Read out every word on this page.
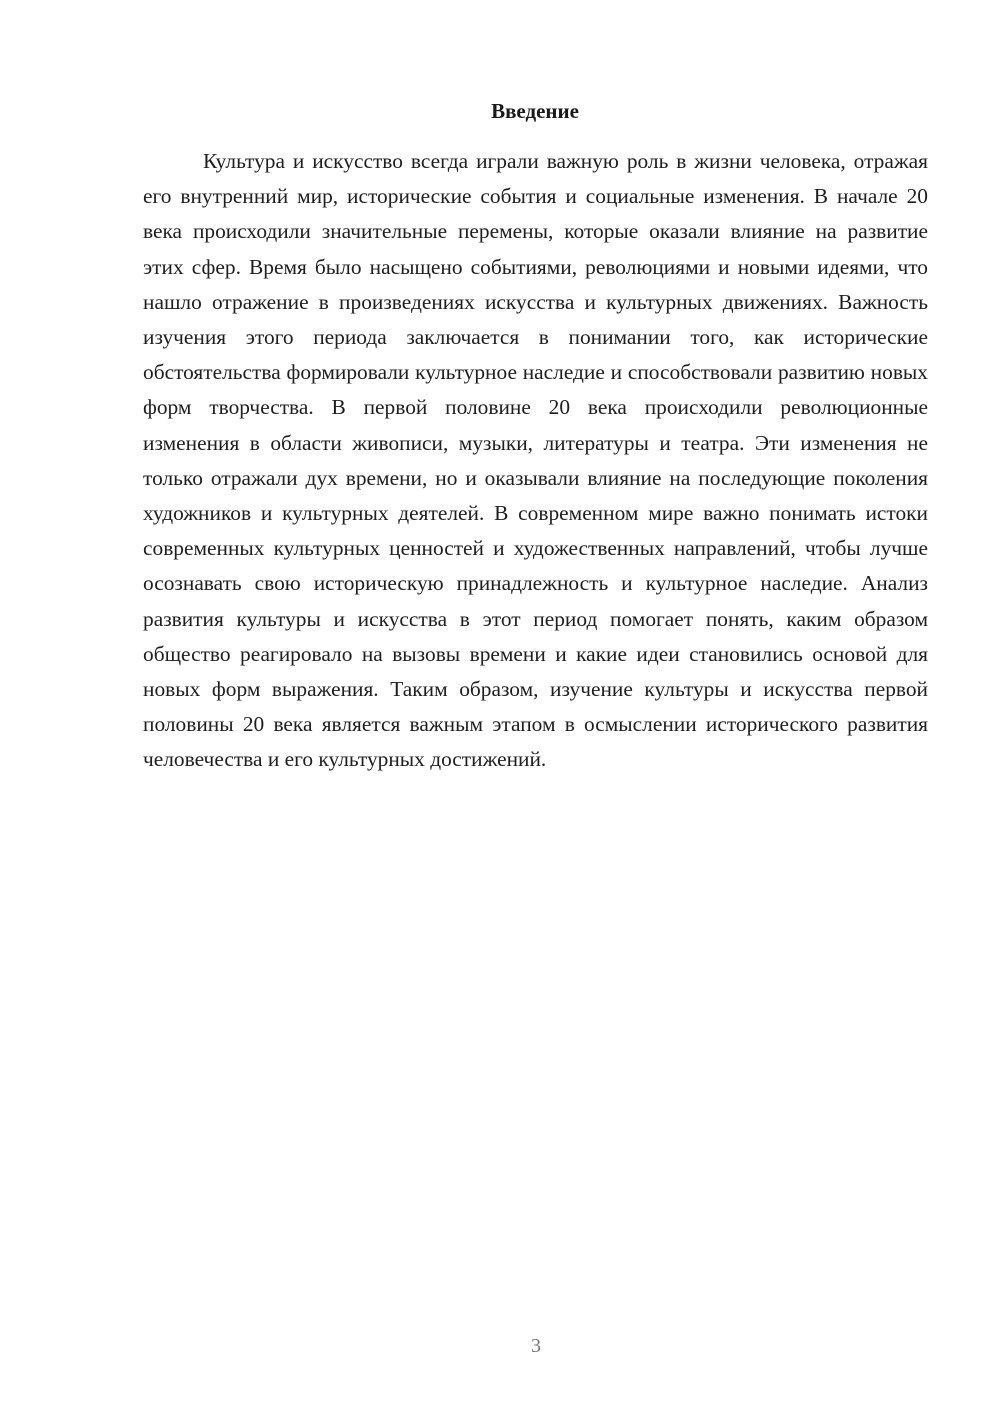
Введение

Культура и искусство всегда играли важную роль в жизни человека, отражая его внутренний мир, исторические события и социальные изменения. В начале 20 века происходили значительные перемены, которые оказали влияние на развитие этих сфер. Время было насыщено событиями, революциями и новыми идеями, что нашло отражение в произведениях искусства и культурных движениях. Важность изучения этого периода заключается в понимании того, как исторические обстоятельства формировали культурное наследие и способствовали развитию новых форм творчества. В первой половине 20 века происходили революционные изменения в области живописи, музыки, литературы и театра. Эти изменения не только отражали дух времени, но и оказывали влияние на последующие поколения художников и культурных деятелей. В современном мире важно понимать истоки современных культурных ценностей и художественных направлений, чтобы лучше осознавать свою историческую принадлежность и культурное наследие. Анализ развития культуры и искусства в этот период помогает понять, каким образом общество реагировало на вызовы времени и какие идеи становились основой для новых форм выражения. Таким образом, изучение культуры и искусства первой половины 20 века является важным этапом в осмыслении исторического развития человечества и его культурных достижений.

3
